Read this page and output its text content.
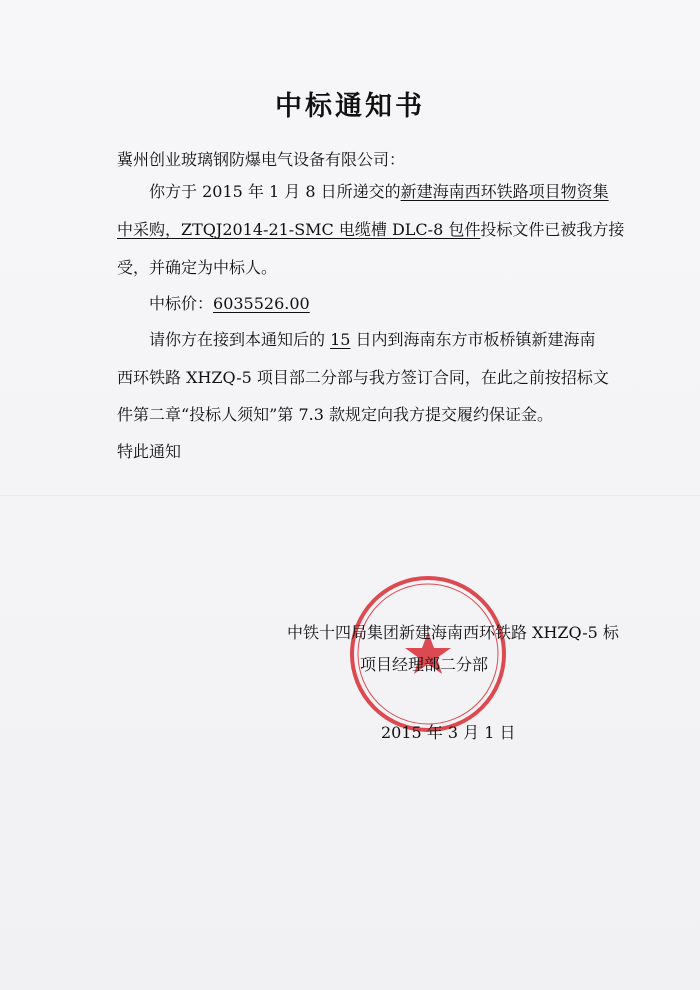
中标通知书
冀州创业玻璃钢防爆电气设备有限公司：
你方于 2015 年 1 月 8 日所递交的新建海南西环铁路项目物资集
中采购，ZTQJ2014-21-SMC 电缆槽 DLC-8 包件投标文件已被我方接
受，并确定为中标人。
中标价：6035526.00
请你方在接到本通知后的 15 日内到海南东方市板桥镇新建海南
西环铁路 XHZQ-5 项目部二分部与我方签订合同，在此之前按招标文
件第二章“投标人须知”第 7.3 款规定向我方提交履约保证金。
特此通知
中铁十四局集团新建海南西环铁路 XHZQ-5 标
项目经理部二分部
2015 年 3 月 1 日
